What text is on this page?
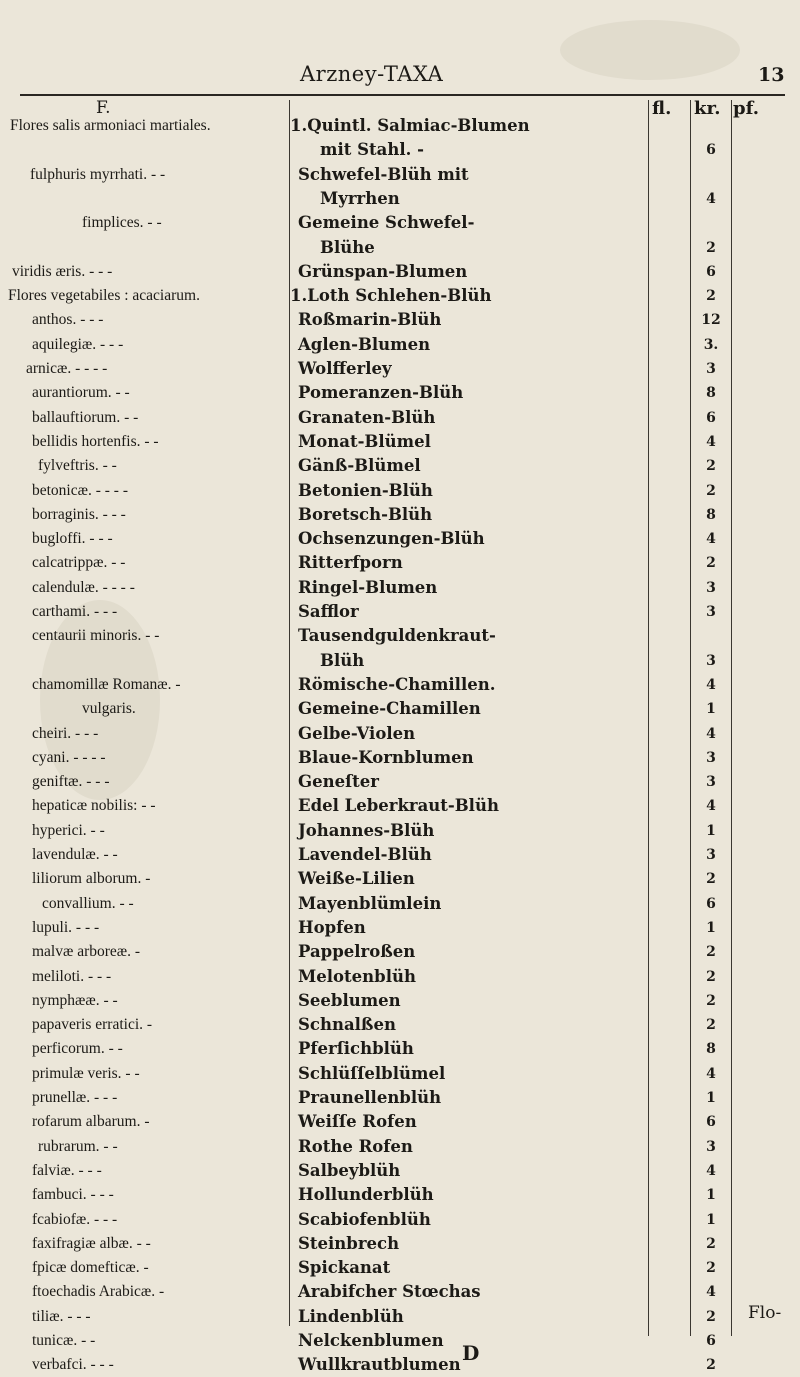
Arzney-TAXA	13
F.	fl. kr. pf.
Flores salis armoniaci martiales.	1.Quintl. Salmiac-Blumen
mit Stahl. -	6
fulphuris myrrhati. - -	Schwefel-Blüh mit
Myrrhen	4
fimplices. - -	Gemeine Schwefel-
Blühe	2
viridis æris. - - -	Grünspan-Blumen	6
Flores vegetabiles : acaciarum.	1.Loth Schlehen-Blüh	2
anthos. - - -	Roßmarin-Blüh	12
aquilegiæ. - - -	Aglen-Blumen	3.
arnicæ. - - - -	Wolfferley	3
aurantiorum. - -	Pomeranzen-Blüh	8
ballauftiorum. - -	Granaten-Blüh	6
bellidis hortenfis. - -	Monat-Blümel	4
fylveftris. - -	Gänß-Blümel	2
betonicæ. - - - -	Betonien-Blüh	2
borraginis. - - -	Boretsch-Blüh	8
bugloffi. - - -	Ochsenzungen-Blüh	4
calcatrippæ. - -	Ritterfporn	2
calendulæ. - - - -	Ringel-Blumen	3
carthami. - - -	Safflor	3
centaurii minoris. - -	Tausendguldenkraut-
Blüh	3
chamomillæ Romanæ. -	Römische-Chamillen.	4
vulgaris.	Gemeine-Chamillen	1
cheiri. - - -	Gelbe-Violen	4
cyani. - - - -	Blaue-Kornblumen	3
geniftæ. - - -	Geneſter	3
hepaticæ nobilis: - -	Edel Leberkraut-Blüh	4
hyperici. - -	Johannes-Blüh	1
lavendulæ. - -	Lavendel-Blüh	3
liliorum alborum. -	Weiße-Lilien	2
convallium. - -	Mayenblümlein	6
lupuli. - - -	Hopfen	1
malvæ arboreæ. -	Pappelroßen	2
meliloti. - - -	Melotenblüh	2
nymphææ. - -	Seeblumen	2
papaveris erratici. -	Schnalßen	2
perficorum. - -	Pferſichblüh	8
primulæ veris. - -	Schlüſſelblümel	4
prunellæ. - - -	Praunellenblüh	1
rofarum albarum. -	Weiſſe Rofen	6
rubrarum. - -	Rothe Rofen	3
falviæ. - - -	Salbeyblüh	4
fambuci. - - -	Hollunderblüh	1
fcabiofæ. - - -	Scabiofenblüh	1
faxifragiæ albæ. - -	Steinbrech	2
fpicæ domefticæ. -	Spickanat	2
ftoechadis Arabicæ. -	Arabifcher Stœchas	4
tiliæ. - - -	Lindenblüh	2
tunicæ. - -	Nelckenblumen	6
verbafci. - - -	Wullkrautblumen	2
D
Flo-
